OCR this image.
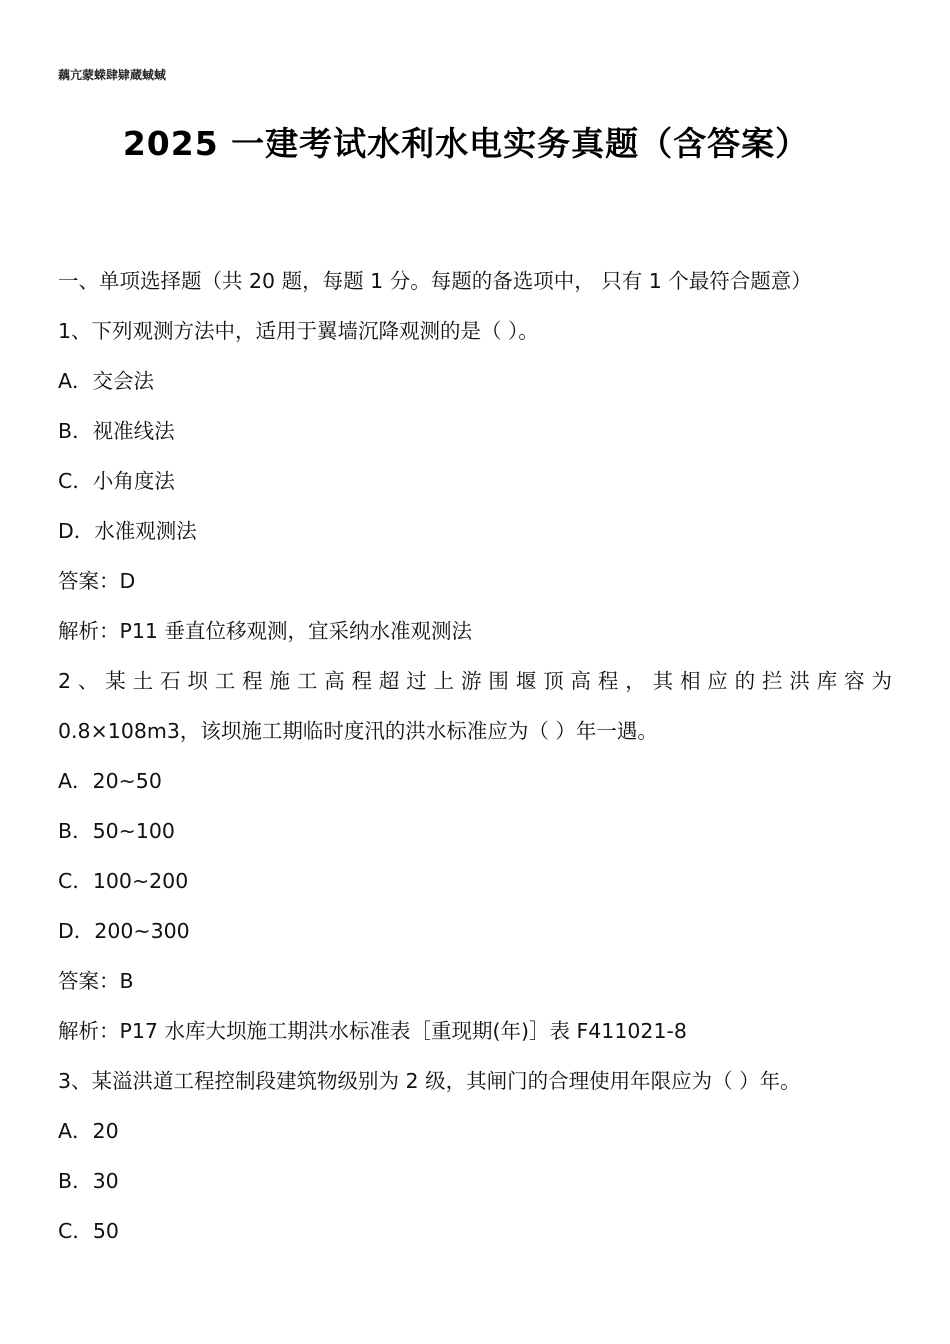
藕亢蒙蝾肆肄蔵蜮蜮
2025 一建考试水利水电实务真题（含答案）
一、单项选择题（共 20 题，每题 1 分。每题的备选项中， 只有 1 个最符合题意）
1、下列观测方法中，适用于翼墙沉降观测的是（ ）。
A．交会法
B．视准线法
C．小角度法
D．水准观测法
答案：D
解析：P11 垂直位移观测，宜采纳水准观测法
2、某土石坝工程施工高程超过上游围堰顶高程，其相应的拦洪库容为
0.8×108m3，该坝施工期临时度汛的洪水标准应为（ ）年一遇。
A．20~50
B．50~100
C．100~200
D．200~300
答案：B
解析：P17 水库大坝施工期洪水标准表［重现期(年)］表 F411021-8
3、某溢洪道工程控制段建筑物级别为 2 级，其闸门的合理使用年限应为（ ）年。
A．20
B．30
C．50
